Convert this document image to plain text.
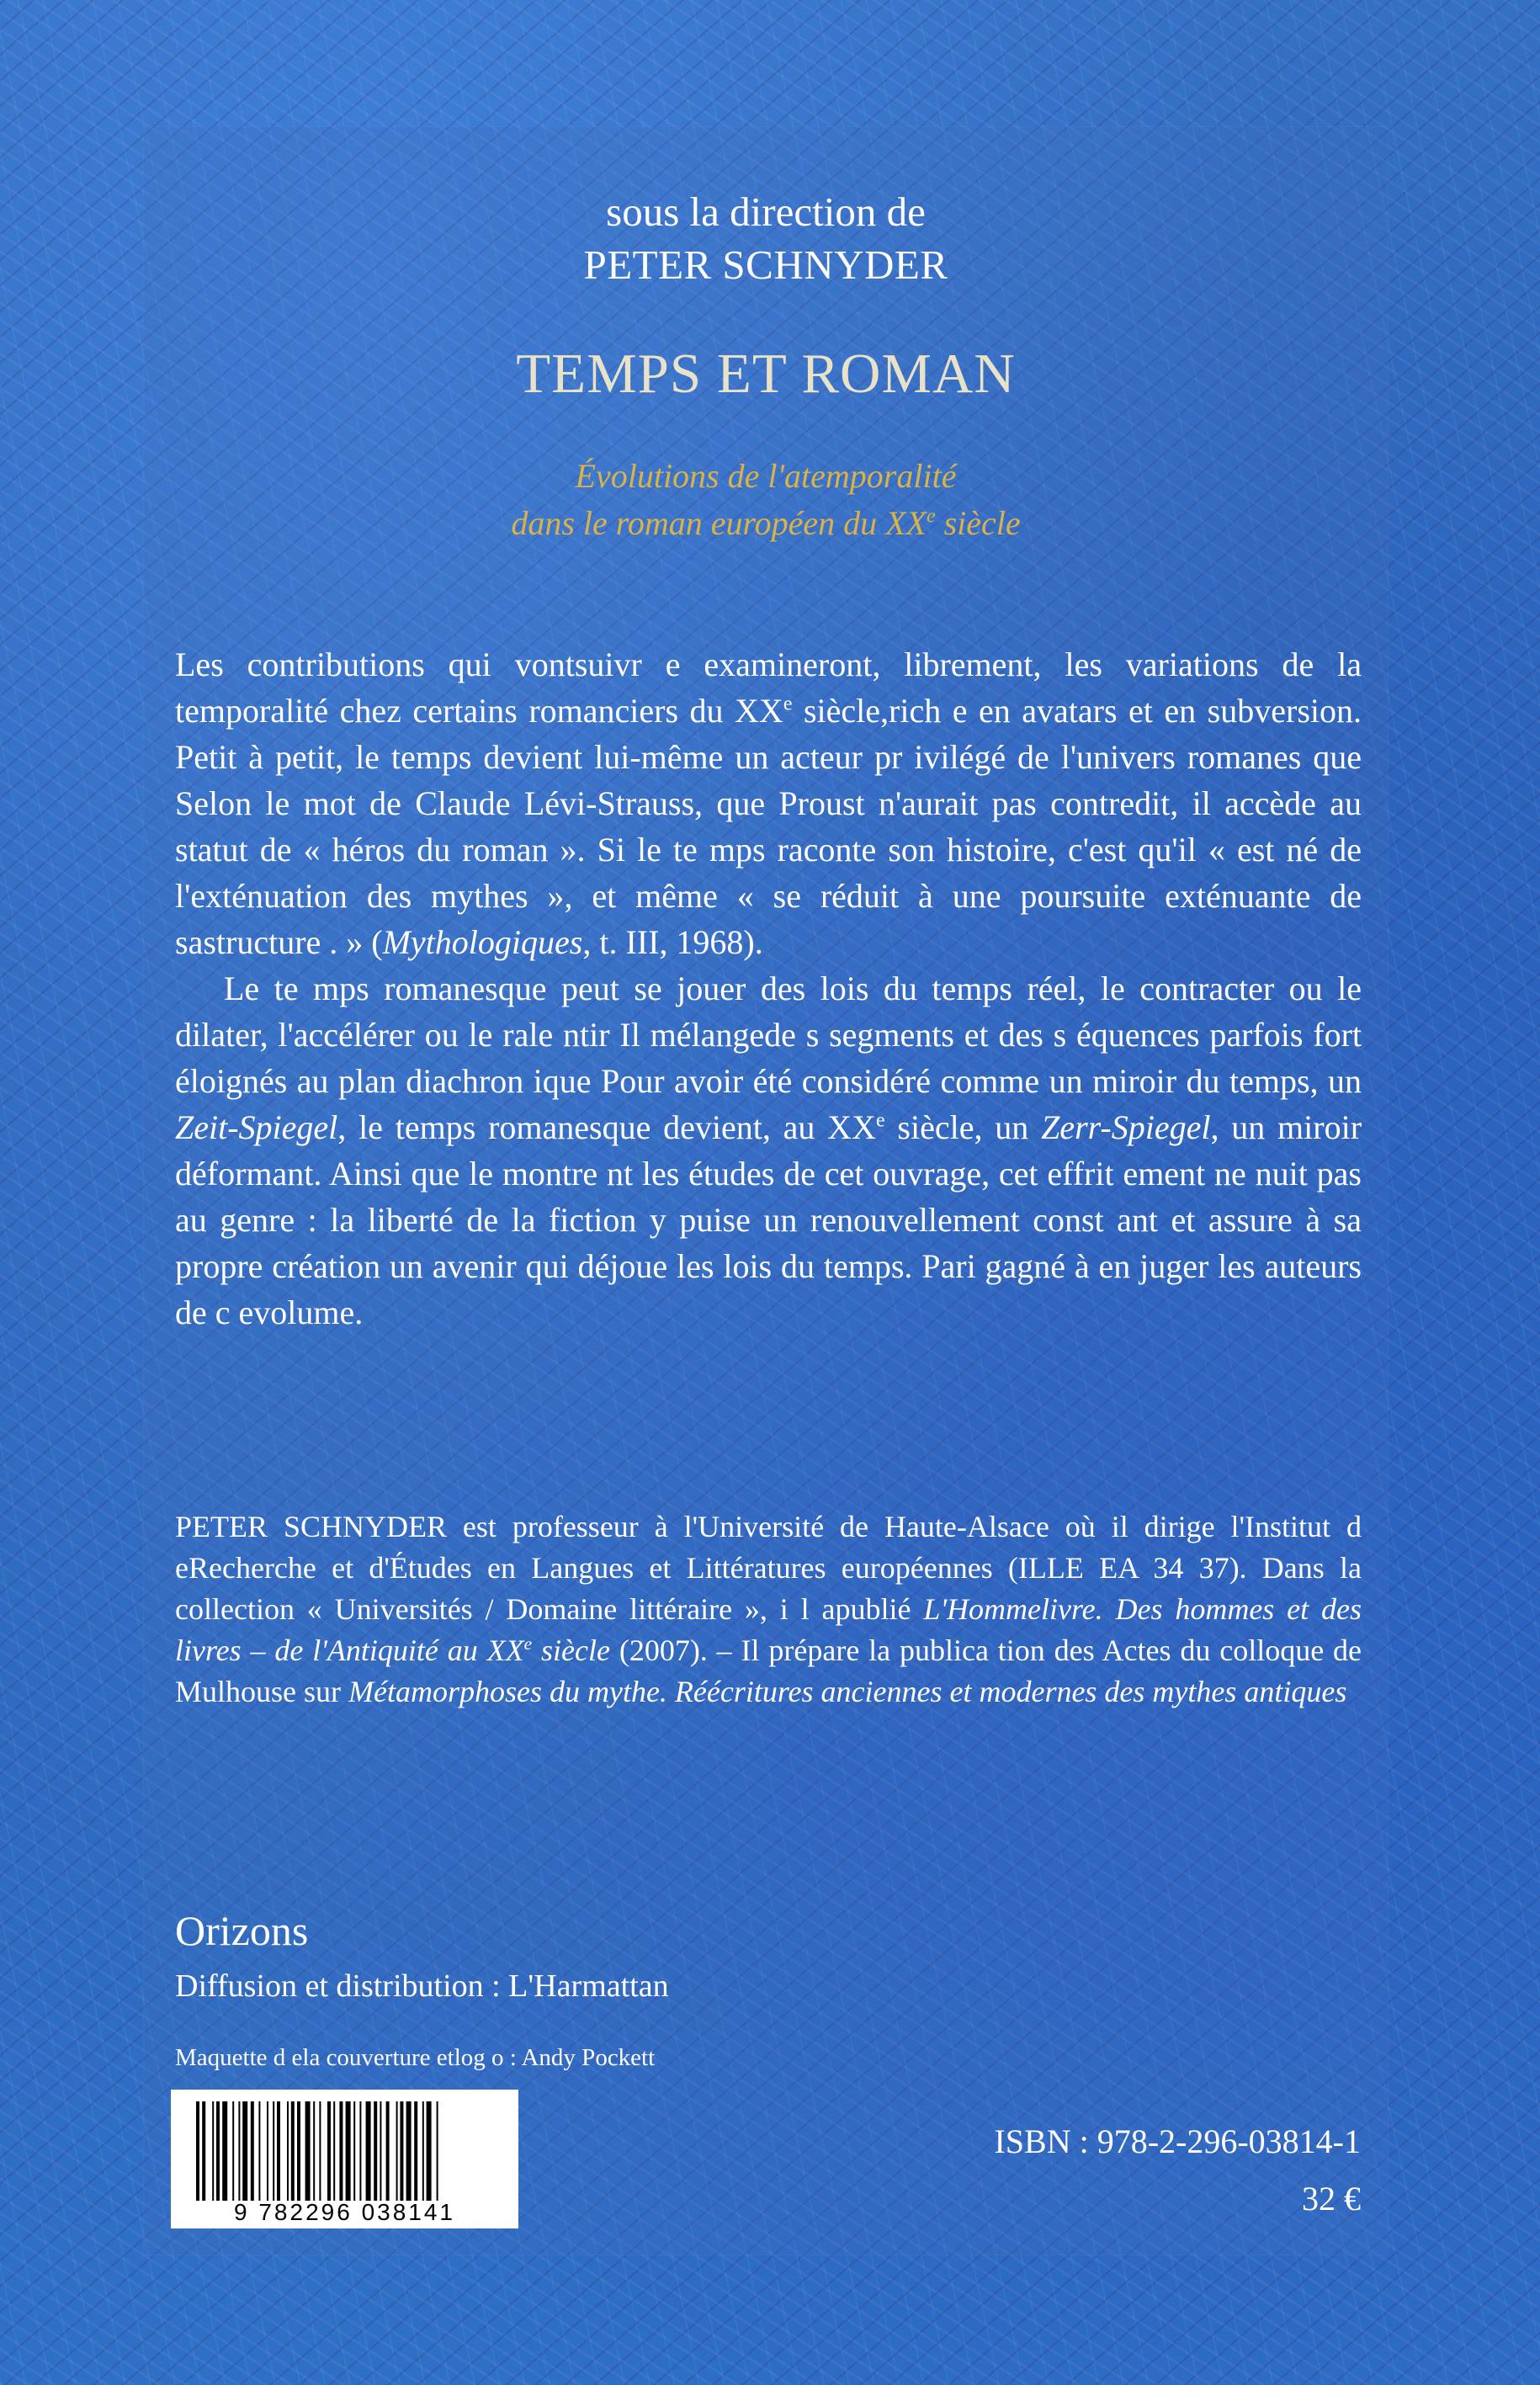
sous la direction de
PETER SCHNYDER
TEMPS ET ROMAN
Évolutions de l'atemporalité
dans le roman européen du XXe siècle

Les contributions qui vontsuivr e examineront, librement, les variations de la temporalité chez certains romanciers du XXe siècle,rich e en avatars et en subversion. Petit à petit, le temps devient lui-même un acteur pr ivilégé de l'univers romanes que Selon le mot de Claude Lévi-Strauss, que Proust n'aurait pas contredit, il accède au statut de « héros du roman ». Si le te mps raconte son histoire, c'est qu'il « est né de l'exténuation des mythes », et même « se réduit à une poursuite exténuante de sastructure . » (Mythologiques, t. III, 1968).

Le te mps romanesque peut se jouer des lois du temps réel, le contracter ou le dilater, l'accélérer ou le rale ntir Il mélangede s segments et des s équences parfois fort éloignés au plan diachron ique Pour avoir été considéré comme un miroir du temps, un Zeit-Spiegel, le temps romanesque devient, au XXe siècle, un Zerr-Spiegel, un miroir déformant. Ainsi que le montre nt les études de cet ouvrage, cet effrit ement ne nuit pas au genre : la liberté de la fiction y puise un renouvellement const ant et assure à sa propre création un avenir qui déjoue les lois du temps. Pari gagné à en juger les auteurs de c evolume.

PETER SCHNYDER est professeur à l'Université de Haute-Alsace où il dirige l'Institut d eRecherche et d'Études en Langues et Littératures européennes (ILLE EA 34 37). Dans la collection « Universités / Domaine littéraire », i l apublié L'Hommelivre. Des hommes et des livres – de l'Antiquité au XXe siècle (2007). – Il prépare la publica tion des Actes du colloque de Mulhouse sur Métamorphoses du mythe. Réécritures anciennes et modernes des mythes antiques

Orizons
Diffusion et distribution : L'Harmattan
Maquette d ela couverture etlog o : Andy Pockett
9 782296 038141
ISBN : 978-2-296-03814-1
32 €
